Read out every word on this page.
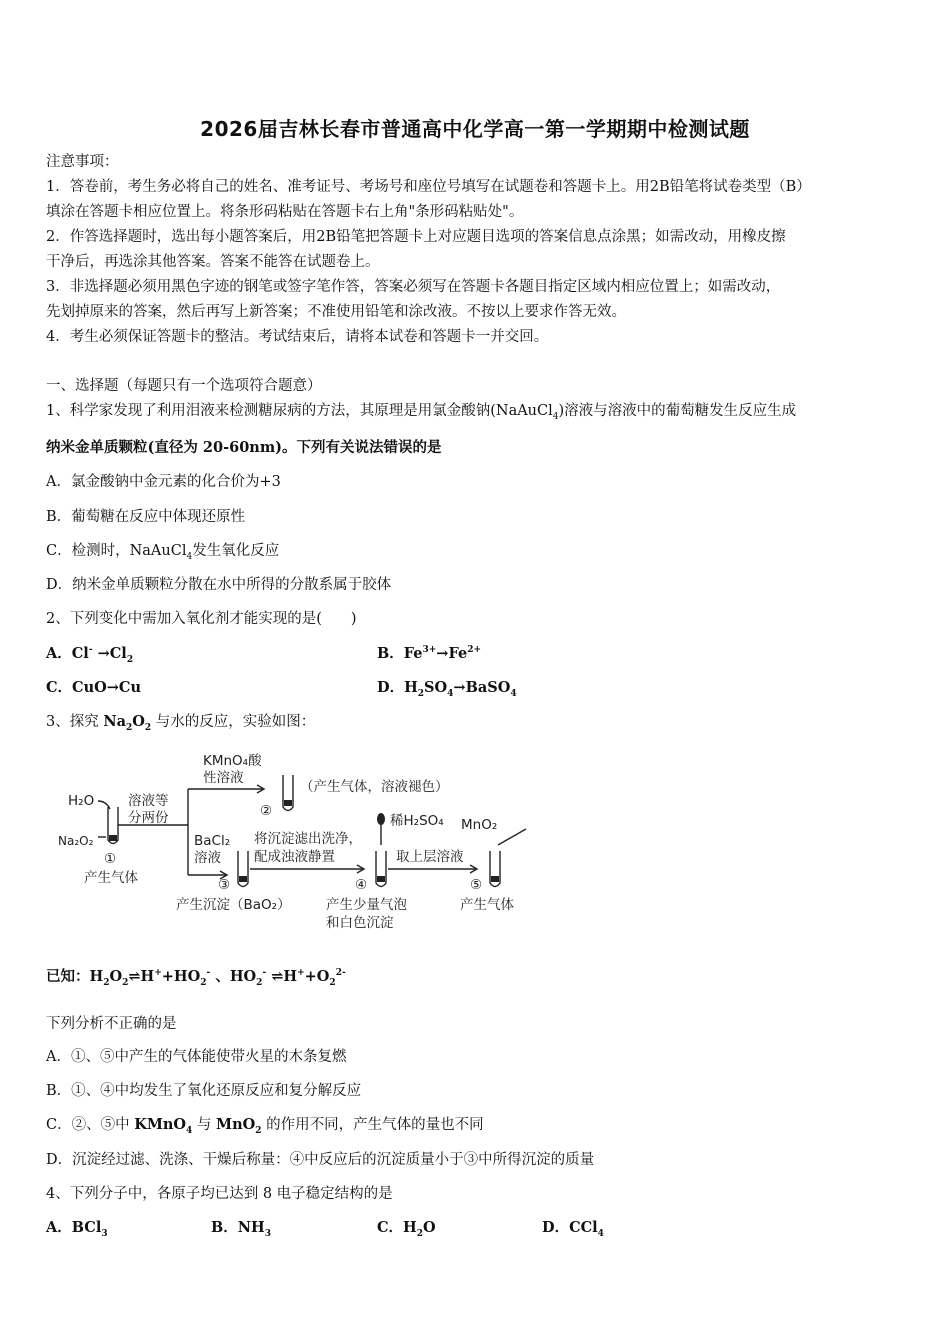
2026届吉林长春市普通高中化学高一第一学期期中检测试题
注意事项：
1．答卷前，考生务必将自己的姓名、准考证号、考场号和座位号填写在试题卷和答题卡上。用2B铅笔将试卷类型（B）
填涂在答题卡相应位置上。将条形码粘贴在答题卡右上角"条形码粘贴处"。
2．作答选择题时，选出每小题答案后，用2B铅笔把答题卡上对应题目选项的答案信息点涂黑；如需改动，用橡皮擦
干净后，再选涂其他答案。答案不能答在试题卷上。
3．非选择题必须用黑色字迹的钢笔或签字笔作答，答案必须写在答题卡各题目指定区域内相应位置上；如需改动，
先划掉原来的答案，然后再写上新答案；不准使用铅笔和涂改液。不按以上要求作答无效。
4．考生必须保证答题卡的整洁。考试结束后，请将本试卷和答题卡一并交回。
一、选择题（每题只有一个选项符合题意）
1、科学家发现了利用泪液来检测糖尿病的方法，其原理是用氯金酸钠(NaAuCl$_4$)溶液与溶液中的葡萄糖发生反应生成
纳米金单质颗粒(直径为 20-60nm)。下列有关说法错误的是
A．氯金酸钠中金元素的化合价为+3
B．葡萄糖在反应中体现还原性
C．检测时，NaAuCl$_4$发生氧化反应
D．纳米金单质颗粒分散在水中所得的分散系属于胶体
2、下列变化中需加入氧化剂才能实现的是(　　)
A．$Cl^- \to Cl_2$	B．$Fe^{3+}\to Fe^{2+}$
C．CuO→Cu	D．$H_2SO_4\to BaSO_4$
3、探究 $Na_2O_2$ 与水的反应，实验如图：
H₂O
Na₂O₂
溶液等
分两份
KMnO₄酸
性溶液
（产生气体，溶液褪色）
BaCl₂
溶液
将沉淀滤出洗净，
配成浊液静置
稀H₂SO₄
取上层溶液
MnO₂
①
②
③	④	⑤
产生气体
产生沉淀（BaO₂）	产生少量气泡
和白色沉淀
产生气体
已知：$H_2O_2\rightleftharpoons H^++HO_2^-$ 、$HO_2^-$ $\rightleftharpoons H^++O_2^{2-}$
下列分析不正确的是
A．①、⑤中产生的气体能使带火星的木条复燃
B．①、④中均发生了氧化还原反应和复分解反应
C．②、⑤中 KMnO$_4$ 与 MnO$_2$ 的作用不同，产生气体的量也不同
D．沉淀经过滤、洗涤、干燥后称量：④中反应后的沉淀质量小于③中所得沉淀的质量
4、下列分子中，各原子均已达到 8 电子稳定结构的是
A．BCl$_3$	B．$NH_3$	C．$H_2O$	D．CCl$_4$
